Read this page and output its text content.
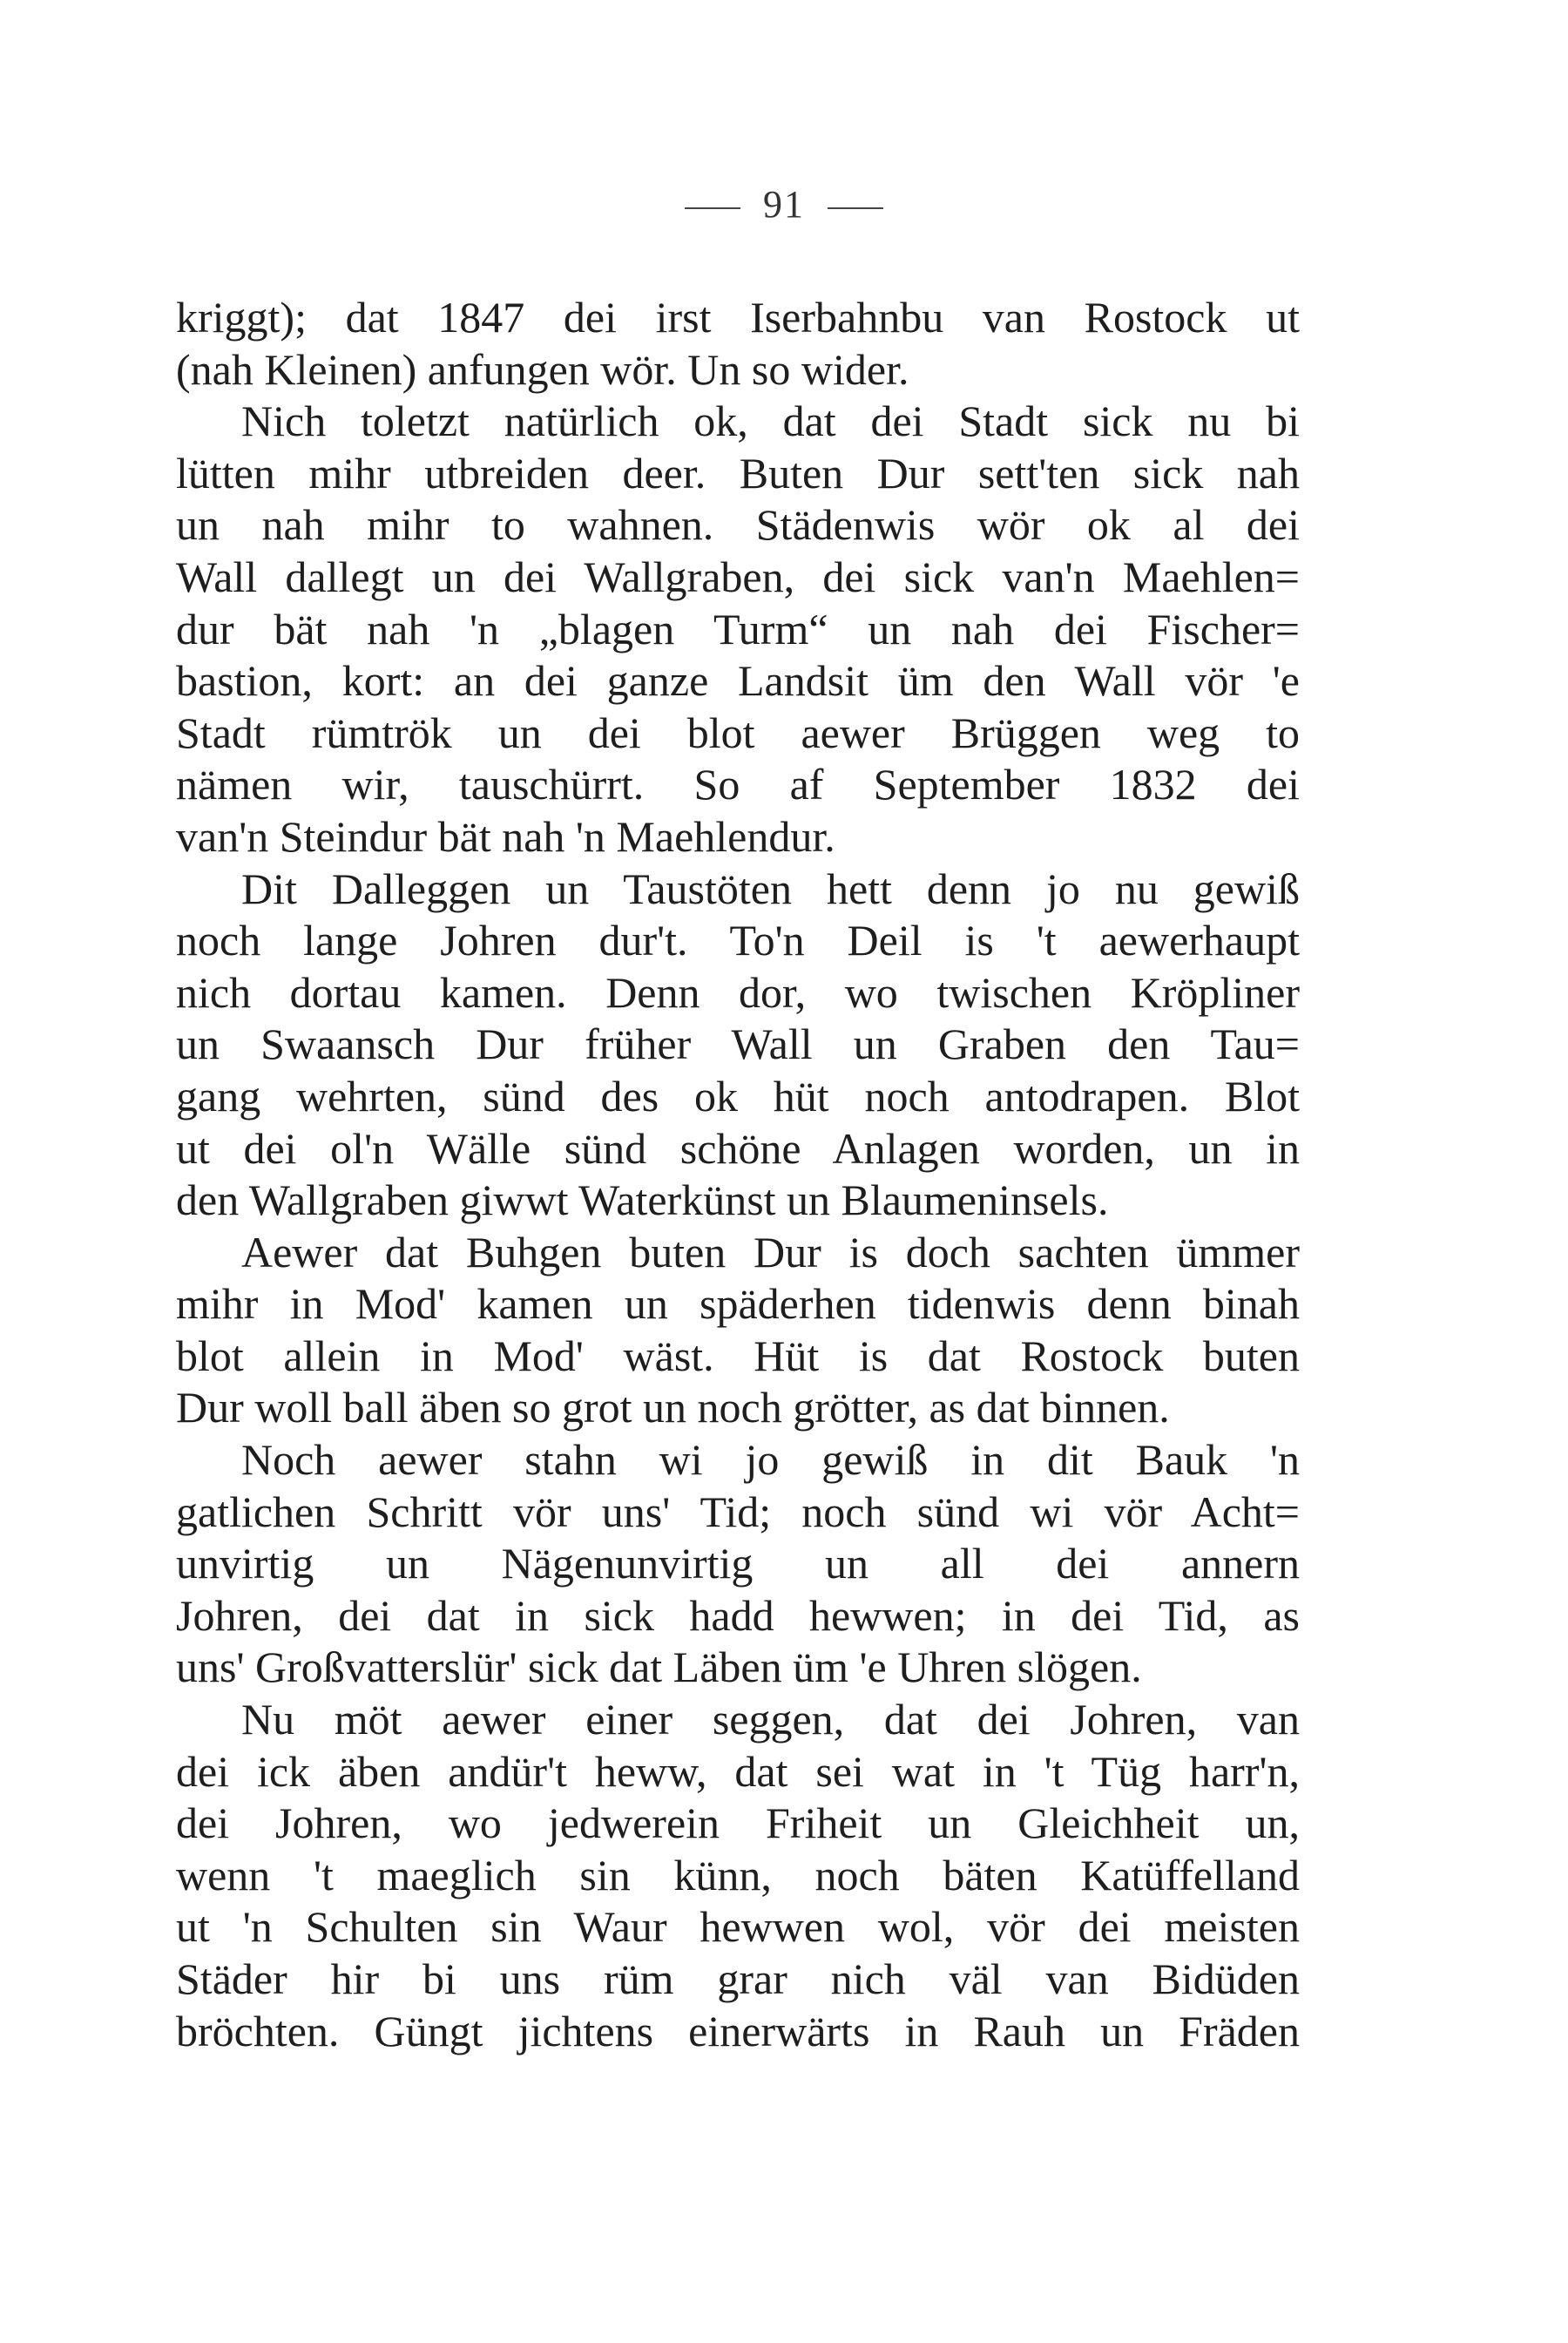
91
kriggt); dat 1847 dei irst Iserbahnbu van Rostock ut
(nah Kleinen) anfungen wör. Un so wider.
Nich toletzt natürlich ok, dat dei Stadt sick nu bi
lütten mihr utbreiden deer. Buten Dur sett'ten sick nah
un nah mihr to wahnen. Städenwis wör ok al dei
Wall dallegt un dei Wallgraben, dei sick van'n Maehlen=
dur bät nah 'n „blagen Turm“ un nah dei Fischer=
bastion, kort: an dei ganze Landsit üm den Wall vör 'e
Stadt rümtrök un dei blot aewer Brüggen weg to
nämen wir, tauschürrt. So af September 1832 dei
van'n Steindur bät nah 'n Maehlendur.
Dit Dalleggen un Taustöten hett denn jo nu gewiß
noch lange Johren dur't. To'n Deil is 't aewerhaupt
nich dortau kamen. Denn dor, wo twischen Kröpliner
un Swaansch Dur früher Wall un Graben den Tau=
gang wehrten, sünd des ok hüt noch antodrapen. Blot
ut dei ol'n Wälle sünd schöne Anlagen worden, un in
den Wallgraben giwwt Waterkünst un Blaumeninsels.
Aewer dat Buhgen buten Dur is doch sachten ümmer
mihr in Mod' kamen un späderhen tidenwis denn binah
blot allein in Mod' wäst. Hüt is dat Rostock buten
Dur woll ball äben so grot un noch grötter, as dat binnen.
Noch aewer stahn wi jo gewiß in dit Bauk 'n
gatlichen Schritt vör uns' Tid; noch sünd wi vör Acht=
unvirtig un Nägenunvirtig un all dei annern
Johren, dei dat in sick hadd hewwen; in dei Tid, as
uns' Großvatterslür' sick dat Läben üm 'e Uhren slögen.
Nu möt aewer einer seggen, dat dei Johren, van
dei ick äben andür't heww, dat sei wat in 't Tüg harr'n,
dei Johren, wo jedwerein Friheit un Gleichheit un,
wenn 't maeglich sin künn, noch bäten Katüffelland
ut 'n Schulten sin Waur hewwen wol, vör dei meisten
Städer hir bi uns rüm grar nich väl van Bidüden
bröchten. Güngt jichtens einerwärts in Rauh un Fräden
